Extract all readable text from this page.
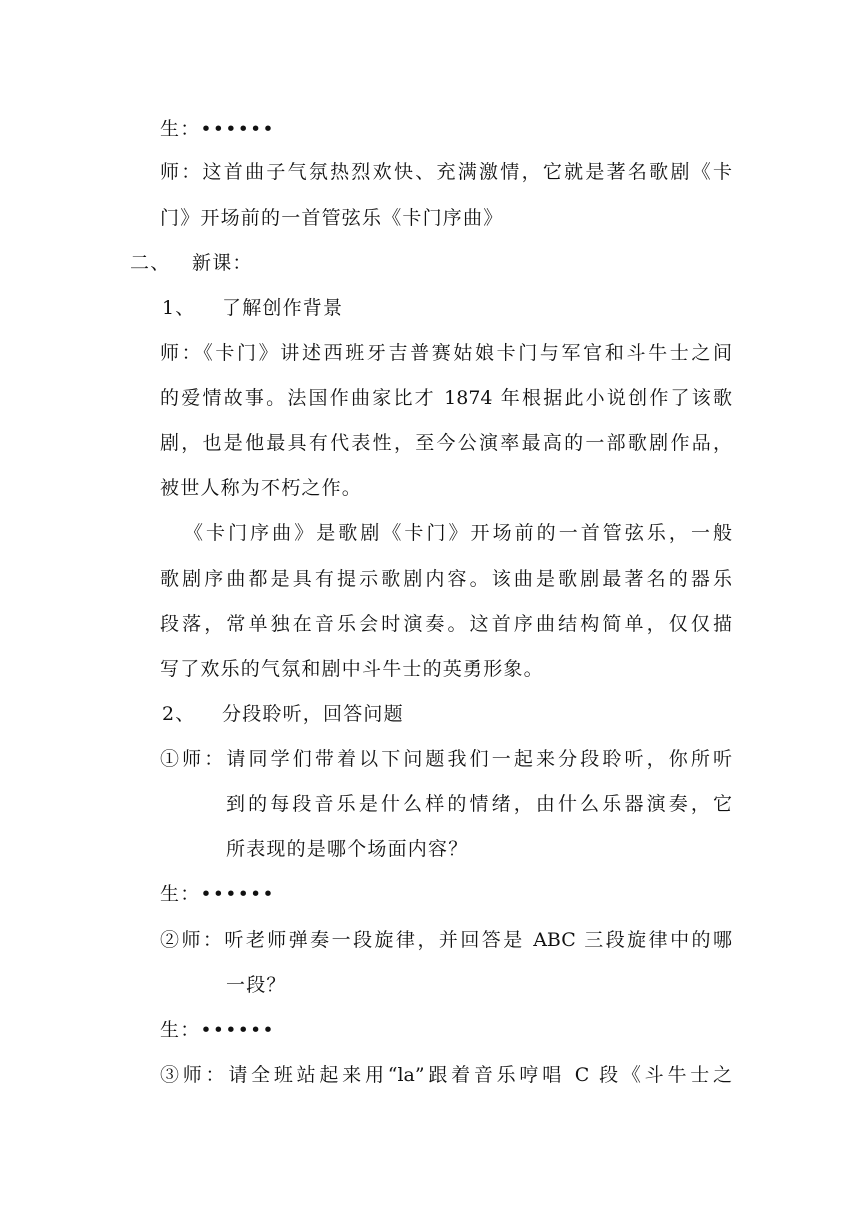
生：••••••
师：这首曲子气氛热烈欢快、充满激情，它就是著名歌剧《卡
门》开场前的一首管弦乐《卡门序曲》
二、 新课：
1、 了解创作背景
师：《卡门》讲述西班牙吉普赛姑娘卡门与军官和斗牛士之间
的爱情故事。法国作曲家比才 1874 年根据此小说创作了该歌
剧，也是他最具有代表性，至今公演率最高的一部歌剧作品，
被世人称为不朽之作。
《卡门序曲》是歌剧《卡门》开场前的一首管弦乐，一般
歌剧序曲都是具有提示歌剧内容。该曲是歌剧最著名的器乐
段落，常单独在音乐会时演奏。这首序曲结构简单，仅仅描
写了欢乐的气氛和剧中斗牛士的英勇形象。
2、 分段聆听，回答问题
①师：请同学们带着以下问题我们一起来分段聆听，你所听
到的每段音乐是什么样的情绪，由什么乐器演奏，它
所表现的是哪个场面内容？
生：••••••
②师：听老师弹奏一段旋律，并回答是 ABC 三段旋律中的哪
一段？
生：••••••
③师：请全班站起来用“la”跟着音乐哼唱 C 段《斗牛士之
